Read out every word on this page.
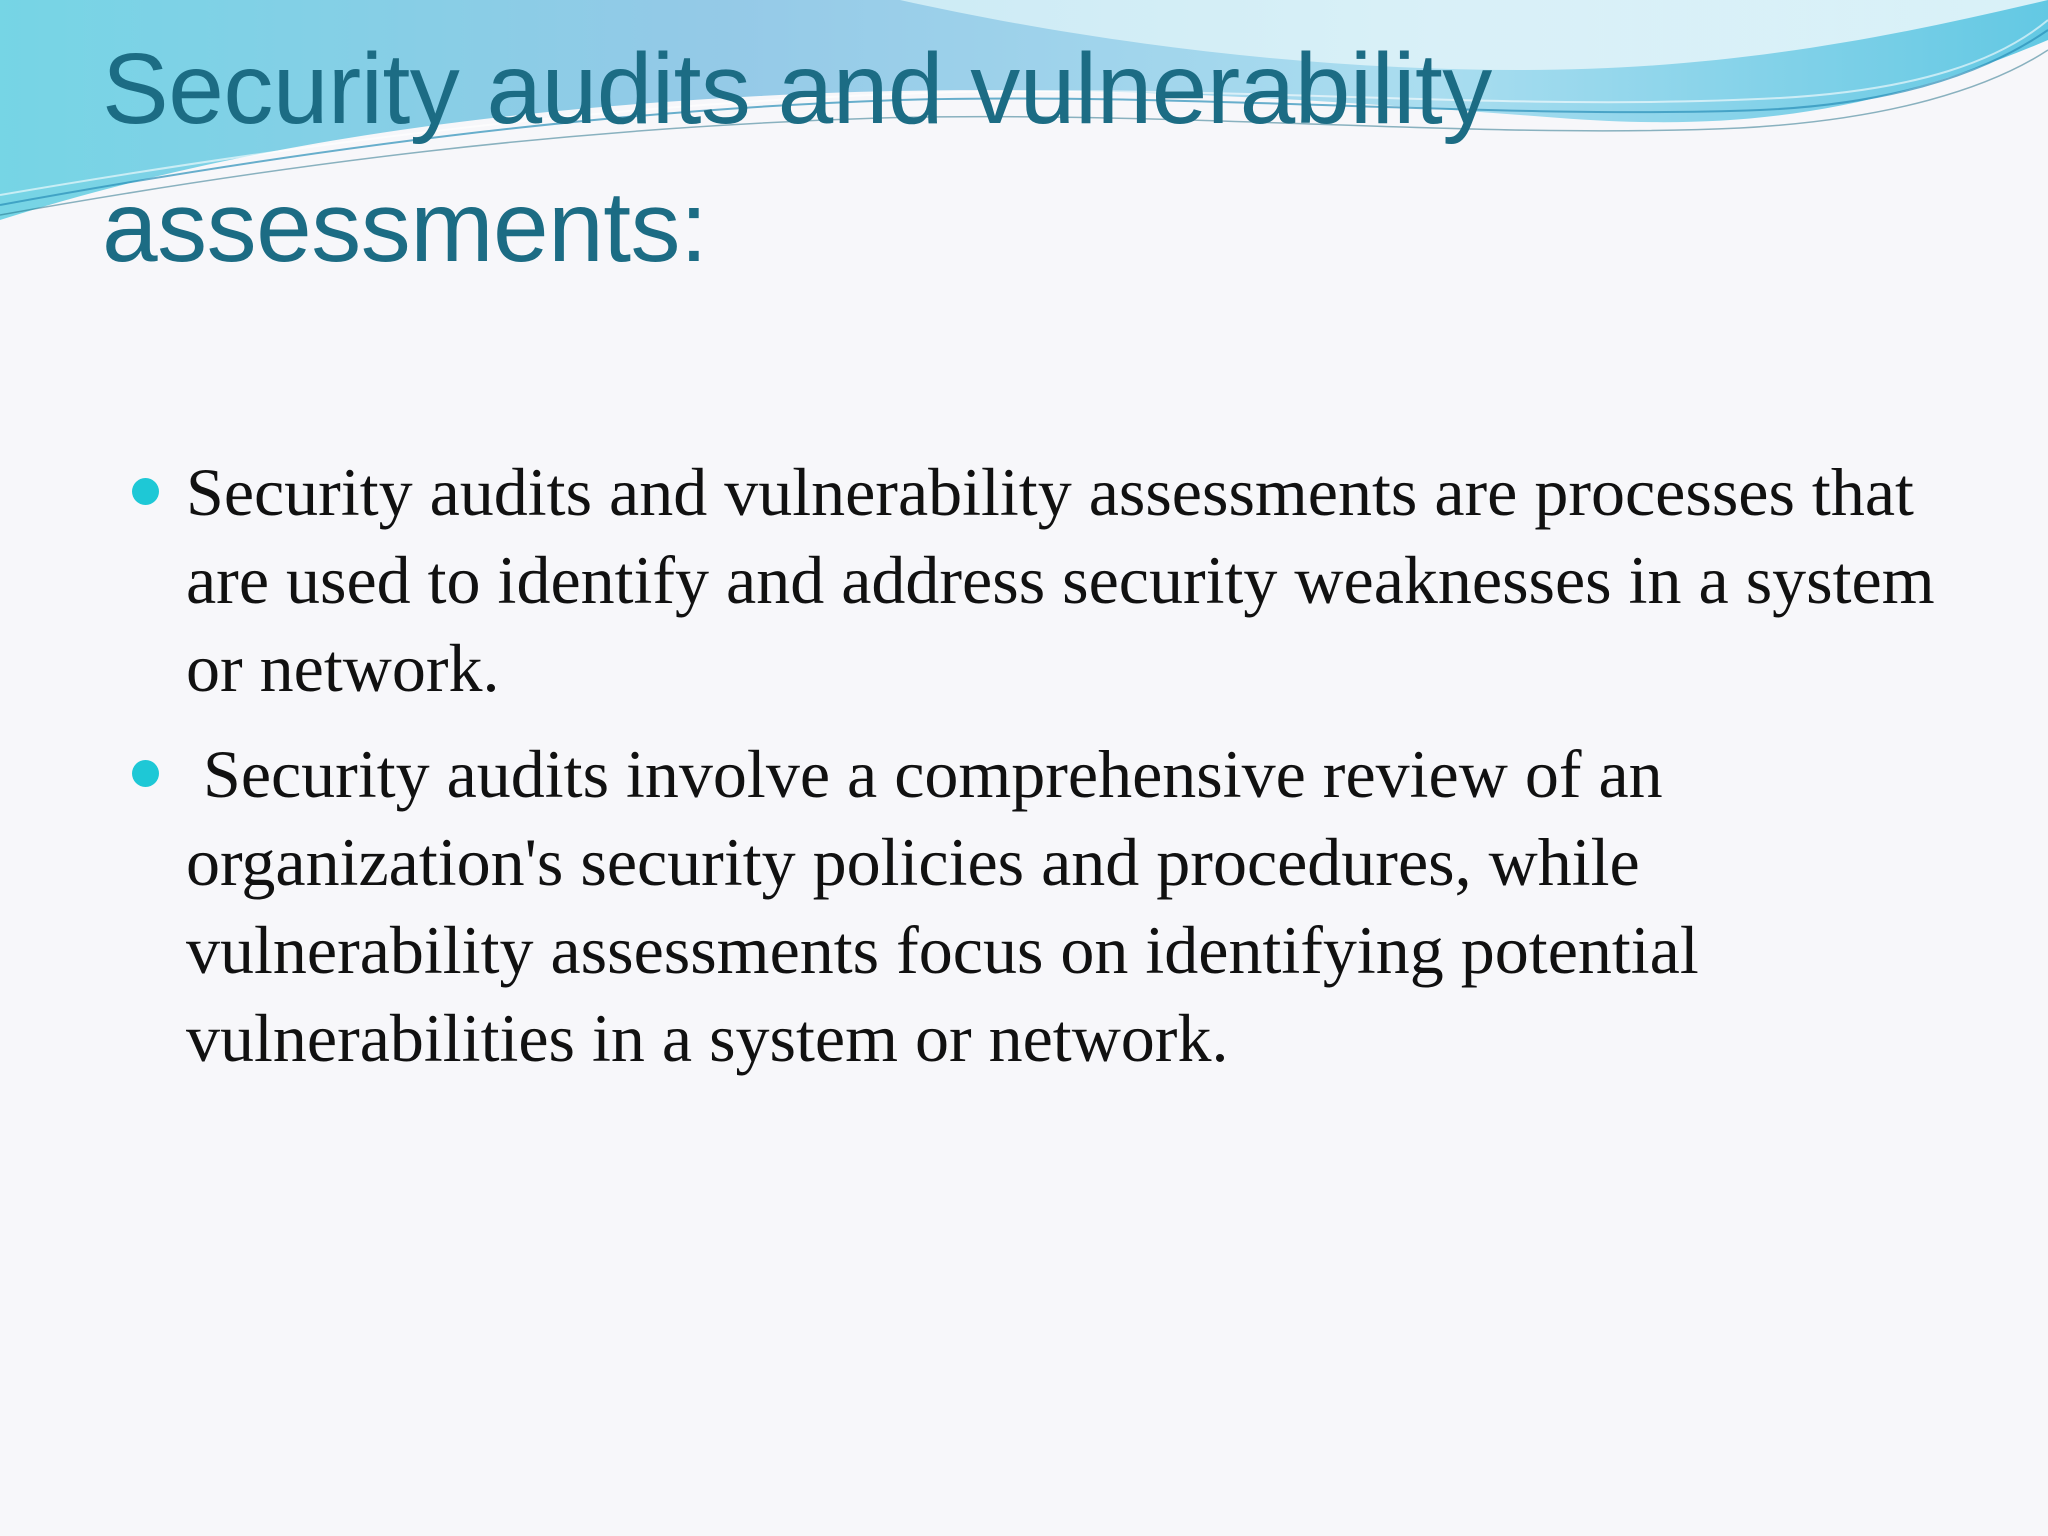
Security audits and vulnerability assessments:
Security audits and vulnerability assessments are processes that are used to identify and address security weaknesses in a system or network.
Security audits involve a comprehensive review of an organization's security policies and procedures, while vulnerability assessments focus on identifying potential  vulnerabilities in a system or network.
